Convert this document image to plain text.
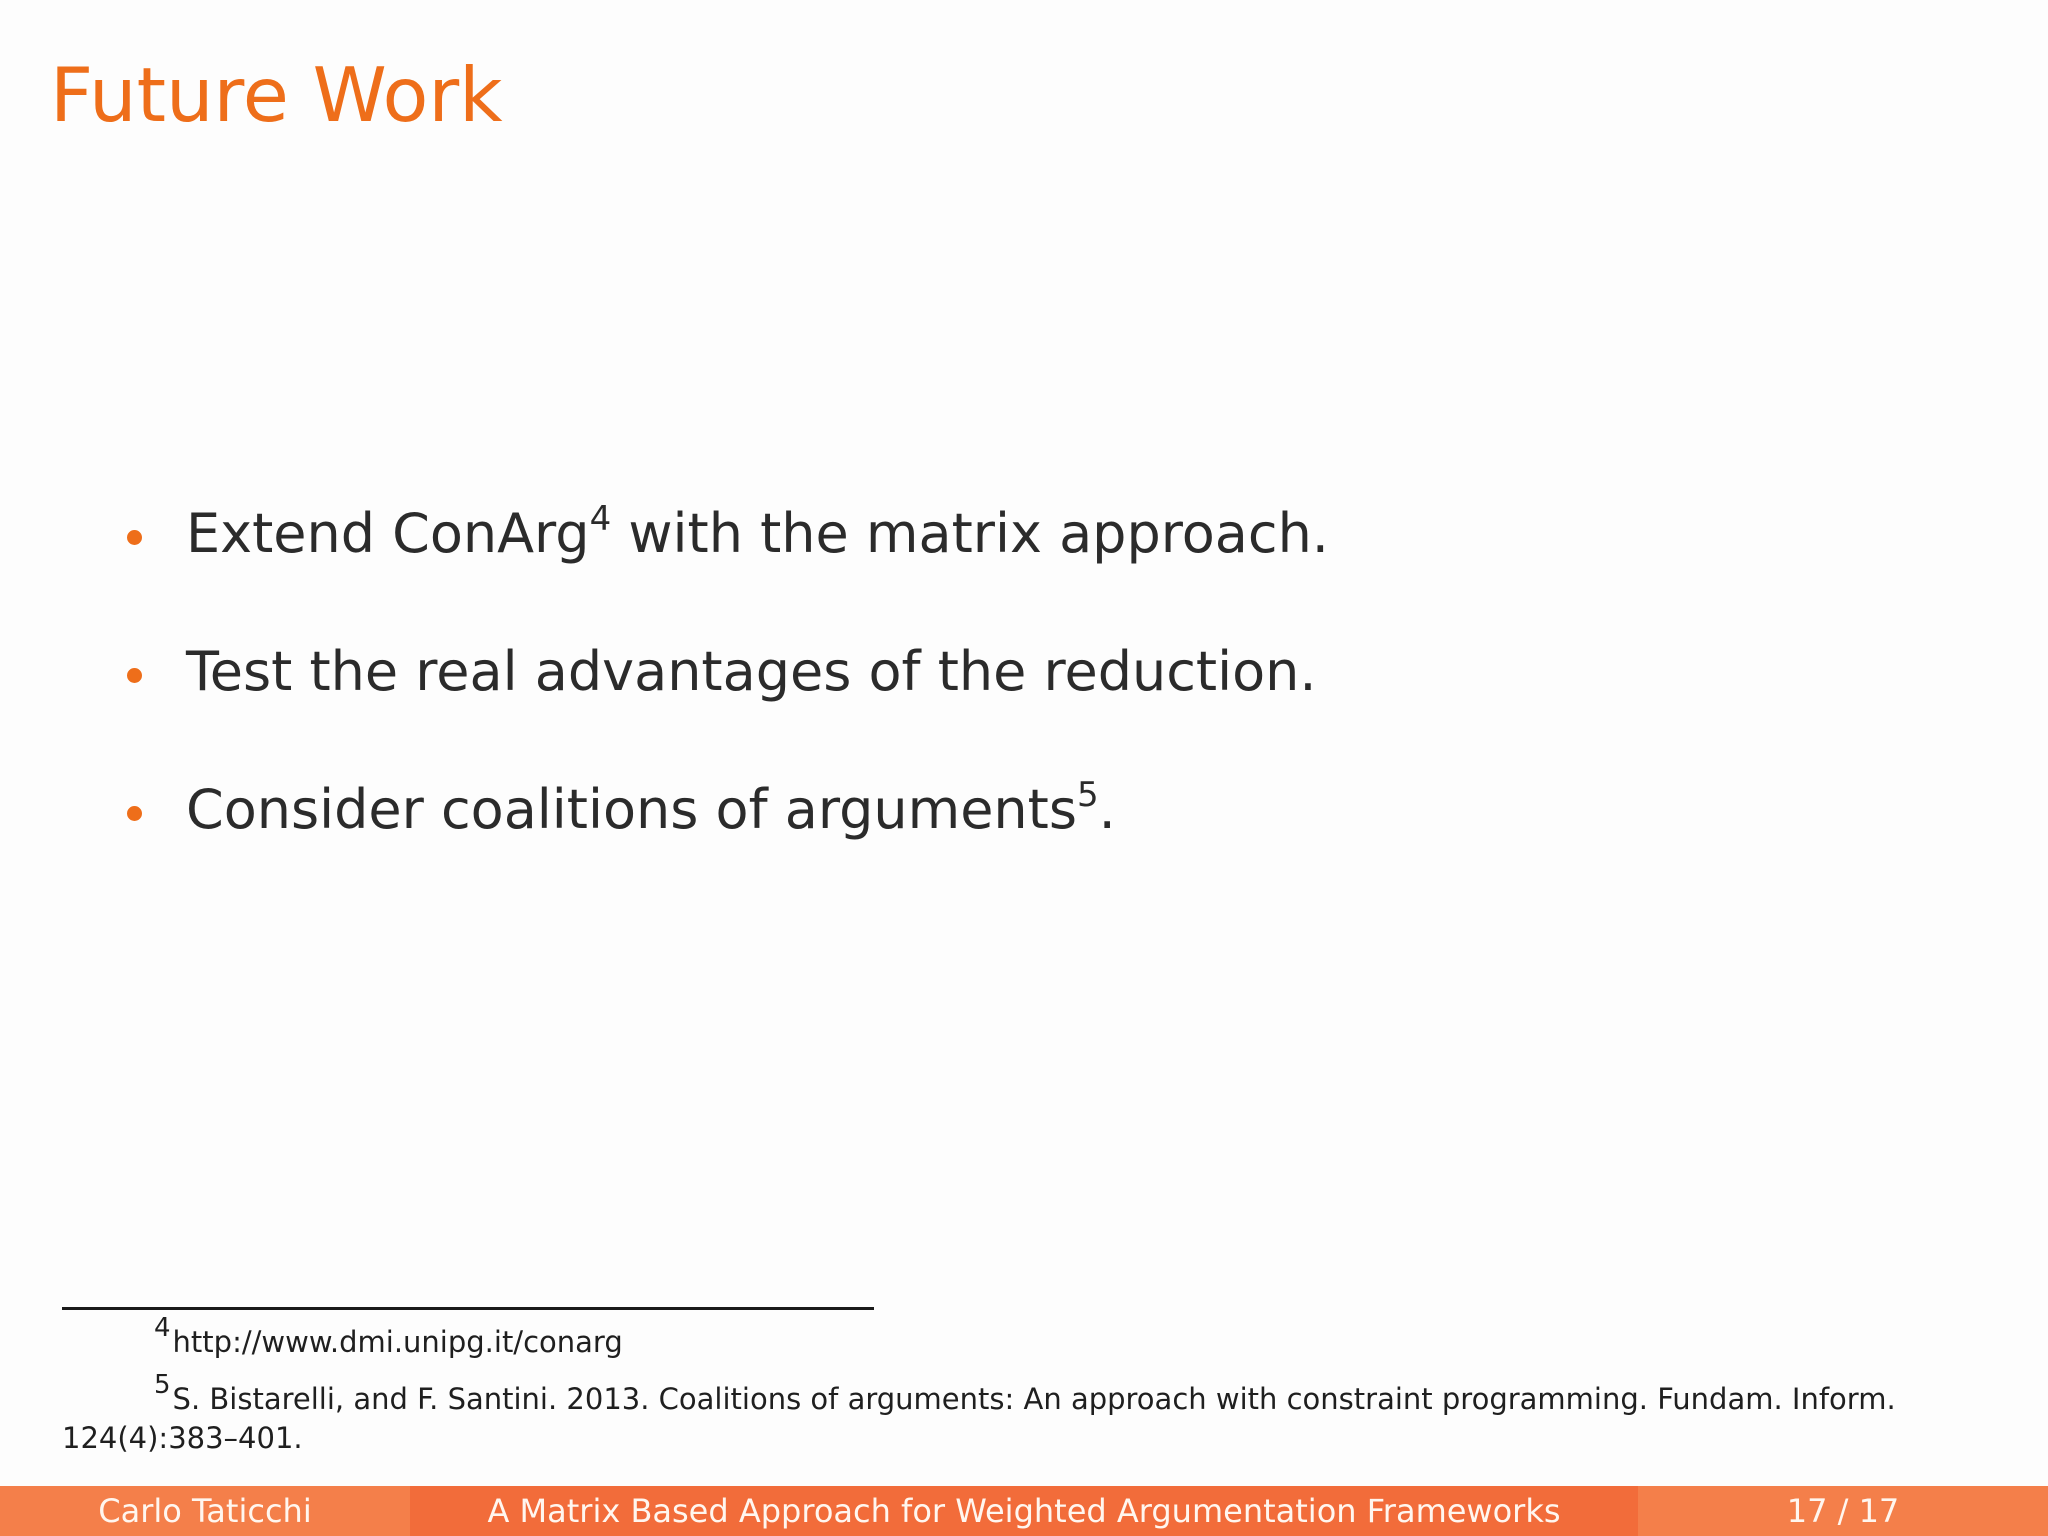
Future Work
Extend ConArg$^4$ with the matrix approach.
Test the real advantages of the reduction.
Consider coalitions of arguments$^5$.
4http://www.dmi.unipg.it/conarg
5S. Bistarelli, and F. Santini. 2013. Coalitions of arguments: An approach with constraint programming. Fundam. Inform. 124(4):383–401.
Carlo Taticchi	A Matrix Based Approach for Weighted Argumentation Frameworks	17 / 17
